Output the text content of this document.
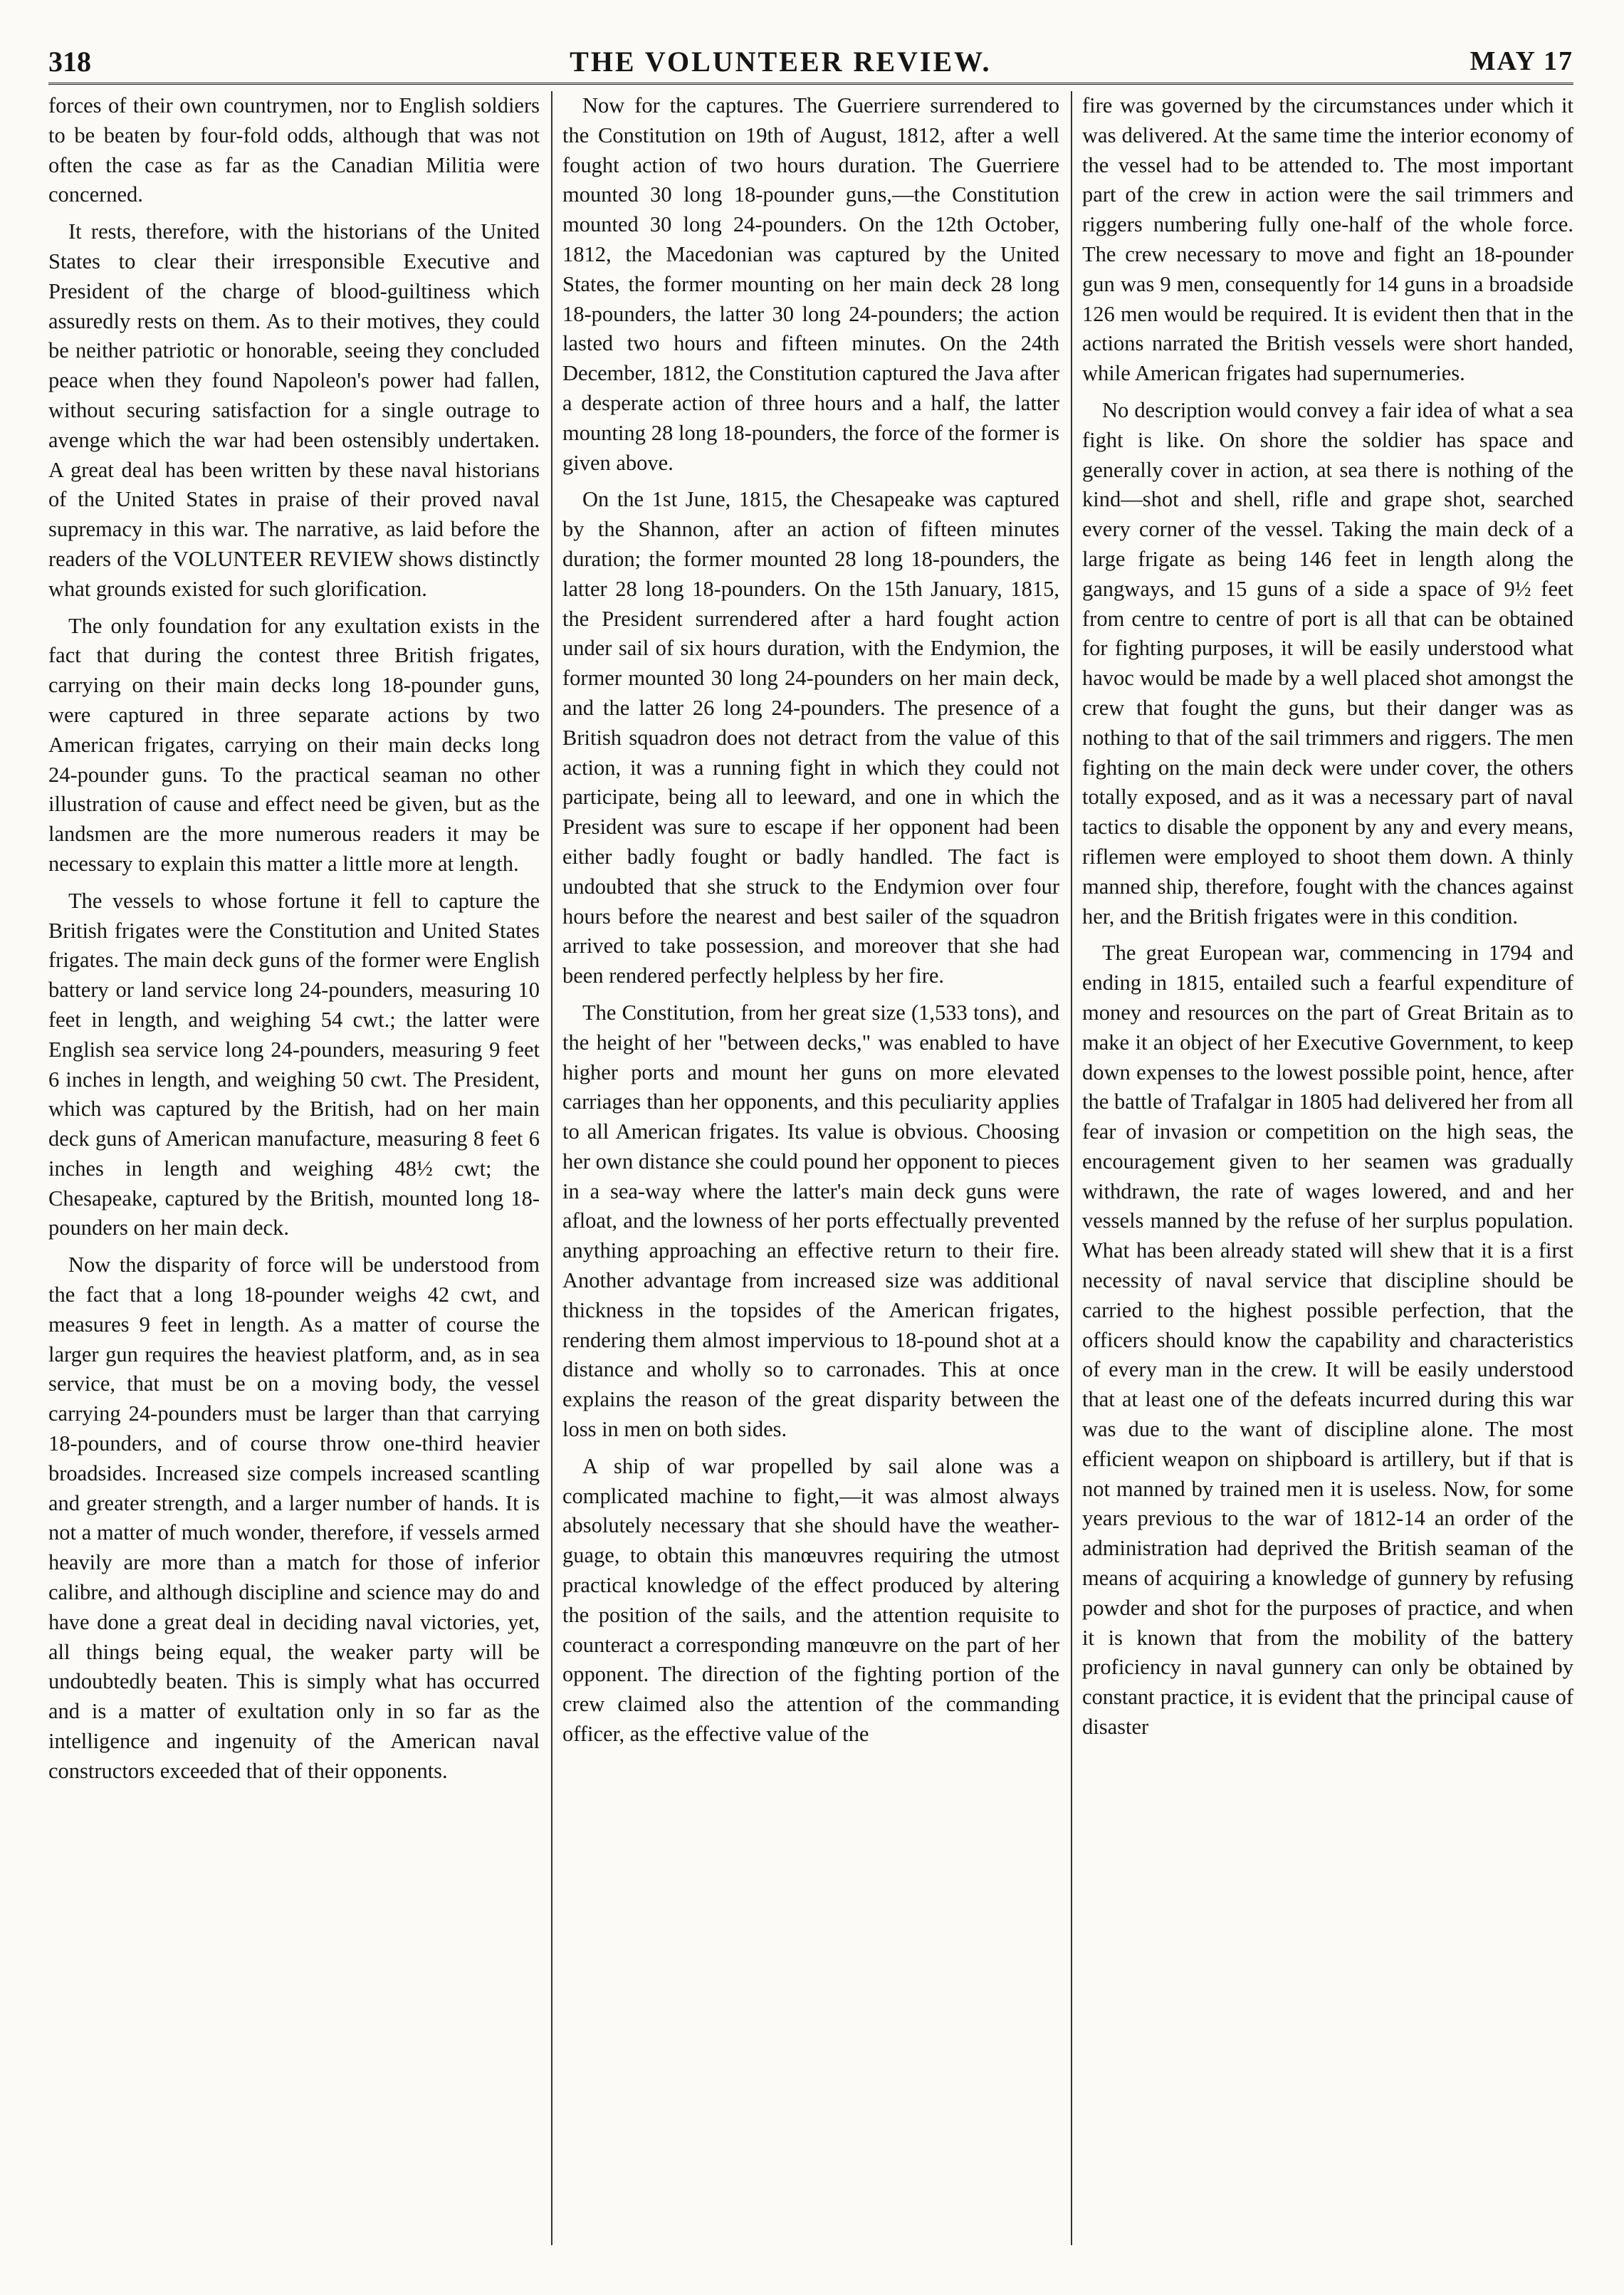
318	THE VOLUNTEER REVIEW.	MAY 17

forces of their own countrymen, nor to English soldiers to be beaten by four-fold odds, although that was not often the case as far as the Canadian Militia were concerned.

It rests, therefore, with the historians of the United States to clear their irresponsible Executive and President of the charge of blood-guiltiness which assuredly rests on them. As to their motives, they could be neither patriotic or honorable, seeing they concluded peace when they found Napoleon's power had fallen, without securing satisfaction for a single outrage to avenge which the war had been ostensibly undertaken. A great deal has been written by these naval historians of the United States in praise of their proved naval supremacy in this war. The narrative, as laid before the readers of the VOLUNTEER REVIEW shows distinctly what grounds existed for such glorification.

The only foundation for any exultation exists in the fact that during the contest three British frigates, carrying on their main decks long 18-pounder guns, were captured in three separate actions by two American frigates, carrying on their main decks long 24-pounder guns. To the practical seaman no other illustration of cause and effect need be given, but as the landsmen are the more numerous readers it may be necessary to explain this matter a little more at length.

The vessels to whose fortune it fell to capture the British frigates were the Constitution and United States frigates. The main deck guns of the former were English battery or land service long 24-pounders, measuring 10 feet in length, and weighing 54 cwt.; the latter were English sea service long 24-pounders, measuring 9 feet 6 inches in length, and weighing 50 cwt. The President, which was captured by the British, had on her main deck guns of American manufacture, measuring 8 feet 6 inches in length and weighing 48½ cwt; the Chesapeake, captured by the British, mounted long 18-pounders on her main deck.

Now the disparity of force will be understood from the fact that a long 18-pounder weighs 42 cwt, and measures 9 feet in length. As a matter of course the larger gun requires the heaviest platform, and, as in sea service, that must be on a moving body, the vessel carrying 24-pounders must be larger than that carrying 18-pounders, and of course throw one-third heavier broadsides. Increased size compels increased scantling and greater strength, and a larger number of hands. It is not a matter of much wonder, therefore, if vessels armed heavily are more than a match for those of inferior calibre, and although discipline and science may do and have done a great deal in deciding naval victories, yet, all things being equal, the weaker party will be undoubtedly beaten. This is simply what has occurred and is a matter of exultation only in so far as the intelligence and ingenuity of the American naval constructors exceeded that of their opponents.

Now for the captures. The Guerriere surrendered to the Constitution on 19th of August, 1812, after a well fought action of two hours duration. The Guerriere mounted 30 long 18-pounder guns,—the Constitution mounted 30 long 24-pounders. On the 12th October, 1812, the Macedonian was captured by the United States, the former mounting on her main deck 28 long 18-pounders, the latter 30 long 24-pounders; the action lasted two hours and fifteen minutes. On the 24th December, 1812, the Constitution captured the Java after a desperate action of three hours and a half, the latter mounting 28 long 18-pounders, the force of the former is given above.

On the 1st June, 1815, the Chesapeake was captured by the Shannon, after an action of fifteen minutes duration; the former mounted 28 long 18-pounders, the latter 28 long 18-pounders. On the 15th January, 1815, the President surrendered after a hard fought action under sail of six hours duration, with the Endymion, the former mounted 30 long 24-pounders on her main deck, and the latter 26 long 24-pounders. The presence of a British squadron does not detract from the value of this action, it was a running fight in which they could not participate, being all to leeward, and one in which the President was sure to escape if her opponent had been either badly fought or badly handled. The fact is undoubted that she struck to the Endymion over four hours before the nearest and best sailer of the squadron arrived to take possession, and moreover that she had been rendered perfectly helpless by her fire.

The Constitution, from her great size (1,533 tons), and the height of her "between decks," was enabled to have higher ports and mount her guns on more elevated carriages than her opponents, and this peculiarity applies to all American frigates. Its value is obvious. Choosing her own distance she could pound her opponent to pieces in a sea-way where the latter's main deck guns were afloat, and the lowness of her ports effectually prevented anything approaching an effective return to their fire. Another advantage from increased size was additional thickness in the topsides of the American frigates, rendering them almost impervious to 18-pound shot at a distance and wholly so to carronades. This at once explains the reason of the great disparity between the loss in men on both sides.

A ship of war propelled by sail alone was a complicated machine to fight,—it was almost always absolutely necessary that she should have the weather-guage, to obtain this manœuvres requiring the utmost practical knowledge of the effect produced by altering the position of the sails, and the attention requisite to counteract a corresponding manœuvre on the part of her opponent. The direction of the fighting portion of the crew claimed also the attention of the commanding officer, as the effective value of the

fire was governed by the circumstances under which it was delivered. At the same time the interior economy of the vessel had to be attended to. The most important part of the crew in action were the sail trimmers and riggers numbering fully one-half of the whole force. The crew necessary to move and fight an 18-pounder gun was 9 men, consequently for 14 guns in a broadside 126 men would be required. It is evident then that in the actions narrated the British vessels were short handed, while American frigates had supernumeries.

No description would convey a fair idea of what a sea fight is like. On shore the soldier has space and generally cover in action, at sea there is nothing of the kind—shot and shell, rifle and grape shot, searched every corner of the vessel. Taking the main deck of a large frigate as being 146 feet in length along the gangways, and 15 guns of a side a space of 9½ feet from centre to centre of port is all that can be obtained for fighting purposes, it will be easily understood what havoc would be made by a well placed shot amongst the crew that fought the guns, but their danger was as nothing to that of the sail trimmers and riggers. The men fighting on the main deck were under cover, the others totally exposed, and as it was a necessary part of naval tactics to disable the opponent by any and every means, riflemen were employed to shoot them down. A thinly manned ship, therefore, fought with the chances against her, and the British frigates were in this condition.

The great European war, commencing in 1794 and ending in 1815, entailed such a fearful expenditure of money and resources on the part of Great Britain as to make it an object of her Executive Government, to keep down expenses to the lowest possible point, hence, after the battle of Trafalgar in 1805 had delivered her from all fear of invasion or competition on the high seas, the encouragement given to her seamen was gradually withdrawn, the rate of wages lowered, and and her vessels manned by the refuse of her surplus population. What has been already stated will shew that it is a first necessity of naval service that discipline should be carried to the highest possible perfection, that the officers should know the capability and characteristics of every man in the crew. It will be easily understood that at least one of the defeats incurred during this war was due to the want of discipline alone. The most efficient weapon on shipboard is artillery, but if that is not manned by trained men it is useless. Now, for some years previous to the war of 1812-14 an order of the administration had deprived the British seaman of the means of acquiring a knowledge of gunnery by refusing powder and shot for the purposes of practice, and when it is known that from the mobility of the battery proficiency in naval gunnery can only be obtained by constant practice, it is evident that the principal cause of disaster
